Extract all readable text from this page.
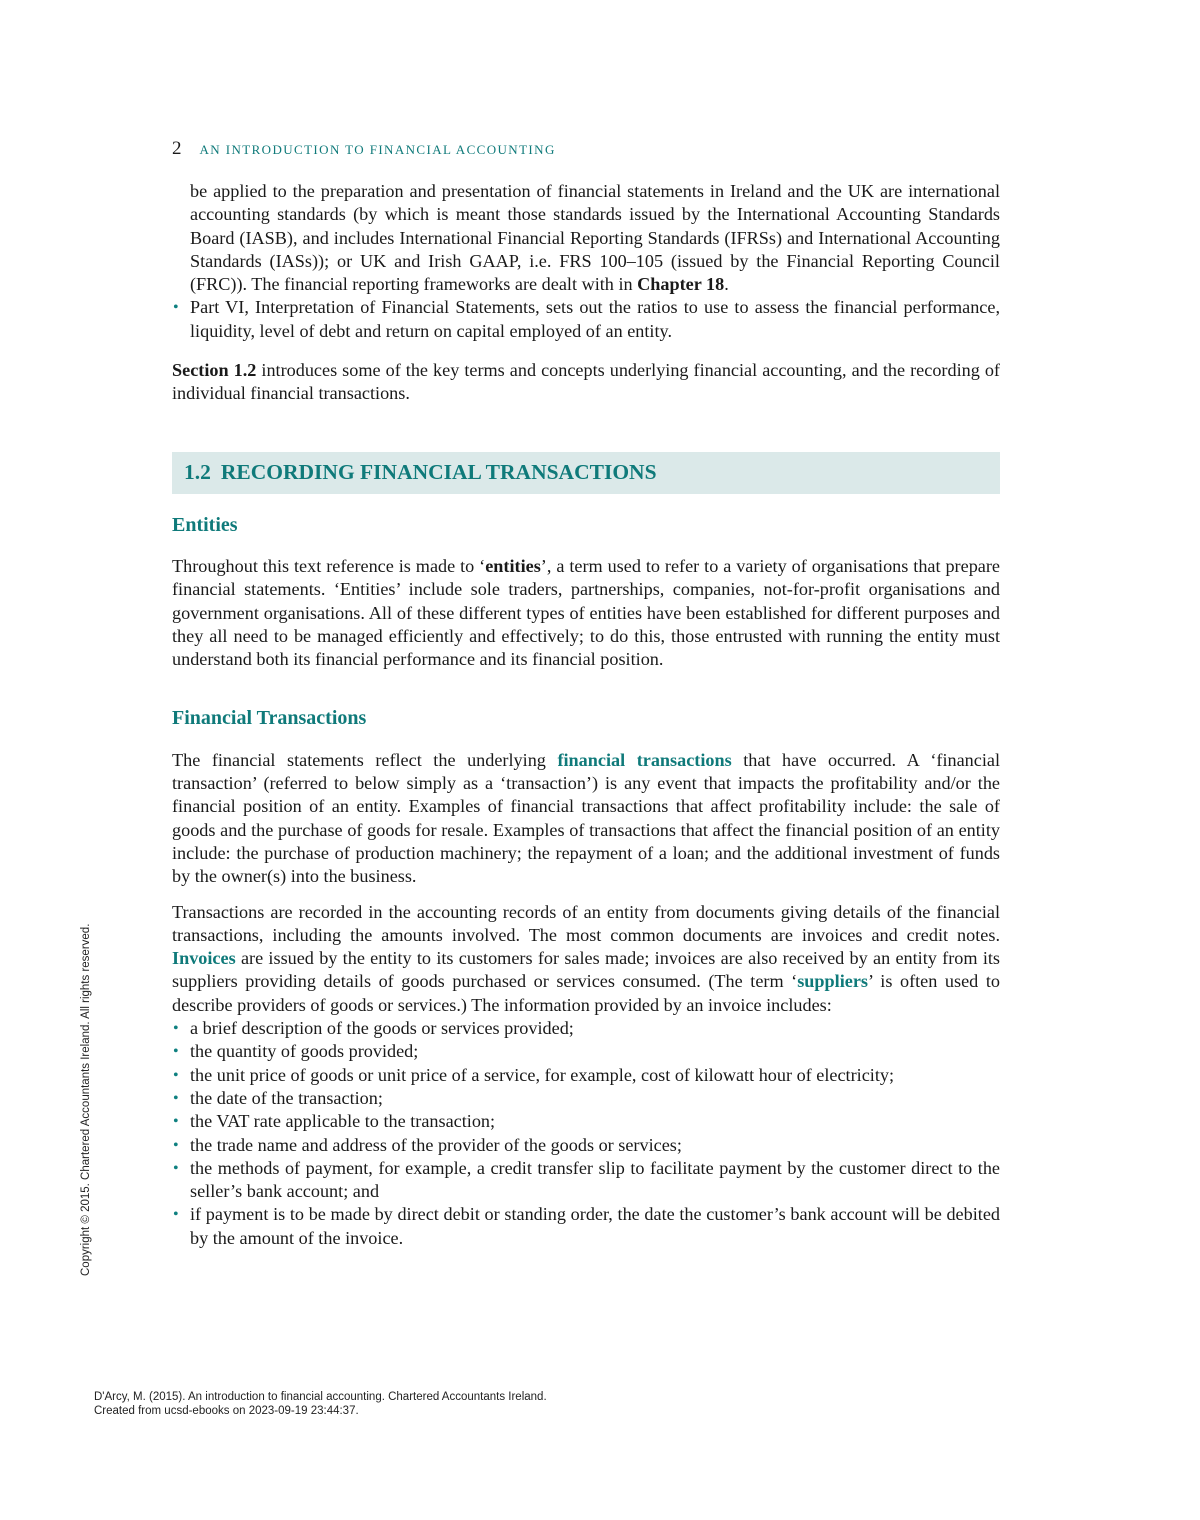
2 AN INTRODUCTION TO FINANCIAL ACCOUNTING

be applied to the preparation and presentation of financial statements in Ireland and the UK are international accounting standards (by which is meant those standards issued by the International Accounting Standards Board (IASB), and includes International Financial Reporting Standards (IFRSs) and International Accounting Standards (IASs)); or UK and Irish GAAP, i.e. FRS 100–105 (issued by the Financial Reporting Council (FRC)). The financial reporting frameworks are dealt with in Chapter 18.

• Part VI, Interpretation of Financial Statements, sets out the ratios to use to assess the financial performance, liquidity, level of debt and return on capital employed of an entity.

Section 1.2 introduces some of the key terms and concepts underlying financial accounting, and the recording of individual financial transactions.

1.2 RECORDING FINANCIAL TRANSACTIONS
Entities

Throughout this text reference is made to ‘entities’, a term used to refer to a variety of organisations that prepare financial statements. ‘Entities’ include sole traders, partnerships, companies, not-for-profit organisations and government organisations. All of these different types of entities have been established for different purposes and they all need to be managed efficiently and effectively; to do this, those entrusted with running the entity must understand both its financial performance and its financial position.

Financial Transactions

The financial statements reflect the underlying financial transactions that have occurred. A ‘financial transaction’ (referred to below simply as a ‘transaction’) is any event that impacts the profitability and/or the financial position of an entity. Examples of financial transactions that affect profitability include: the sale of goods and the purchase of goods for resale. Examples of transactions that affect the financial position of an entity include: the purchase of production machinery; the repayment of a loan; and the additional investment of funds by the owner(s) into the business.

Transactions are recorded in the accounting records of an entity from documents giving details of the financial transactions, including the amounts involved. The most common documents are invoices and credit notes. Invoices are issued by the entity to its customers for sales made; invoices are also received by an entity from its suppliers providing details of goods purchased or services consumed. (The term ‘suppliers’ is often used to describe providers of goods or services.) The information provided by an invoice includes:

• a brief description of the goods or services provided;
• the quantity of goods provided;
• the unit price of goods or unit price of a service, for example, cost of kilowatt hour of electricity;
• the date of the transaction;
• the VAT rate applicable to the transaction;
• the trade name and address of the provider of the goods or services;
• the methods of payment, for example, a credit transfer slip to facilitate payment by the customer direct to the seller’s bank account; and
• if payment is to be made by direct debit or standing order, the date the customer’s bank account will be debited by the amount of the invoice.
Copyright © 2015. Chartered Accountants Ireland. All rights reserved.
D'Arcy, M. (2015). An introduction to financial accounting. Chartered Accountants Ireland.
Created from ucsd-ebooks on 2023-09-19 23:44:37.
